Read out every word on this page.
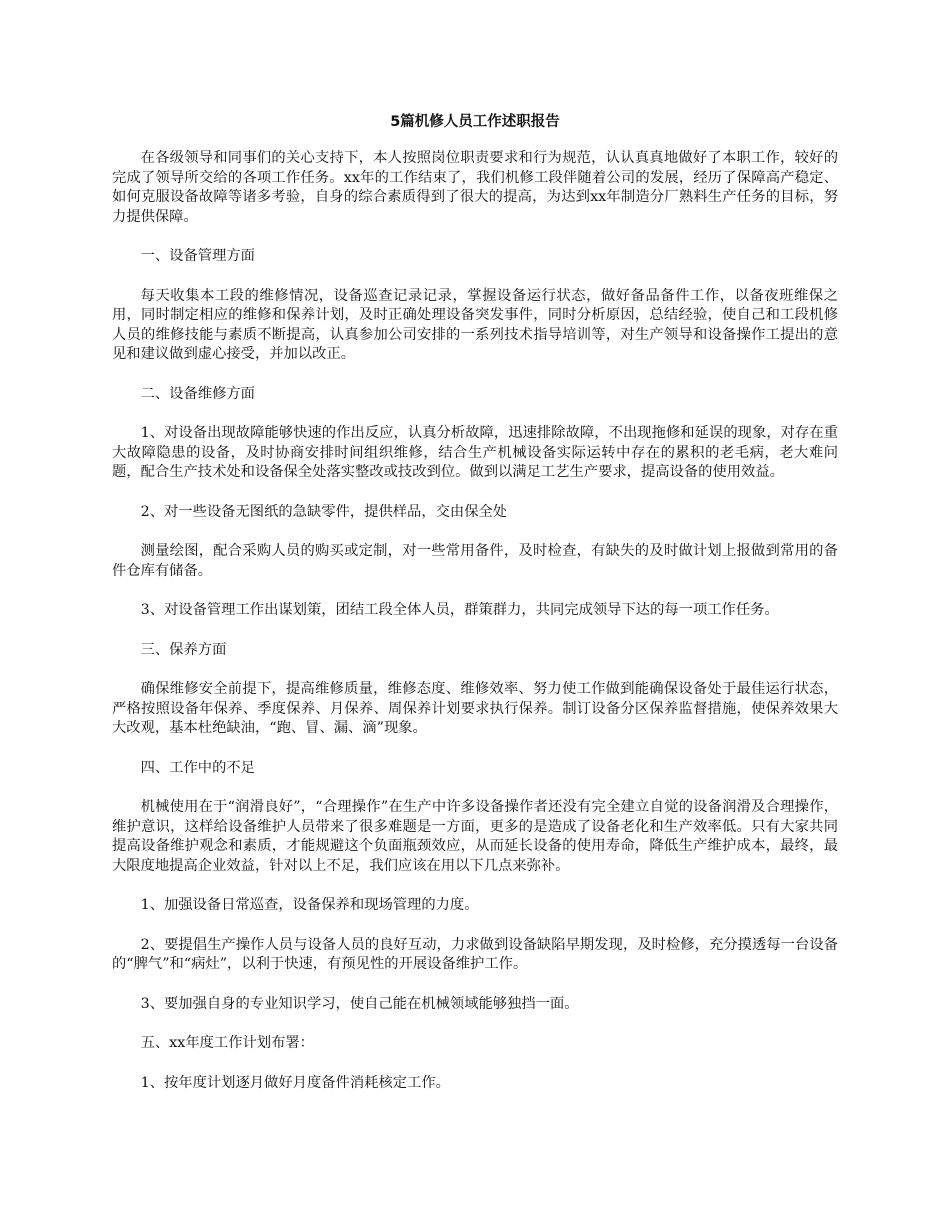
5篇机修人员工作述职报告

在各级领导和同事们的关心支持下，本人按照岗位职责要求和行为规范，认认真真地做好了本职工作，较好的完成了领导所交给的各项工作任务。xx年的工作结束了，我们机修工段伴随着公司的发展，经历了保障高产稳定、如何克服设备故障等诸多考验，自身的综合素质得到了很大的提高，为达到xx年制造分厂熟料生产任务的目标，努力提供保障。

一、设备管理方面

每天收集本工段的维修情况，设备巡查记录记录，掌握设备运行状态，做好备品备件工作，以备夜班维保之用，同时制定相应的维修和保养计划，及时正确处理设备突发事件，同时分析原因，总结经验，使自己和工段机修人员的维修技能与素质不断提高，认真参加公司安排的一系列技术指导培训等，对生产领导和设备操作工提出的意见和建议做到虚心接受，并加以改正。

二、设备维修方面

1、对设备出现故障能够快速的作出反应，认真分析故障，迅速排除故障，不出现拖修和延误的现象，对存在重大故障隐患的设备，及时协商安排时间组织维修，结合生产机械设备实际运转中存在的累积的老毛病，老大难问题，配合生产技术处和设备保全处落实整改或技改到位。做到以满足工艺生产要求，提高设备的使用效益。

2、对一些设备无图纸的急缺零件，提供样品，交由保全处

测量绘图，配合采购人员的购买或定制，对一些常用备件，及时检查，有缺失的及时做计划上报做到常用的备件仓库有储备。

3、对设备管理工作出谋划策，团结工段全体人员，群策群力，共同完成领导下达的每一项工作任务。

三、保养方面

确保维修安全前提下，提高维修质量，维修态度、维修效率、努力使工作做到能确保设备处于最佳运行状态，严格按照设备年保养、季度保养、月保养、周保养计划要求执行保养。制订设备分区保养监督措施，使保养效果大大改观，基本杜绝缺油，“跑、冒、漏、滴”现象。

四、工作中的不足

机械使用在于“润滑良好”，“合理操作”在生产中许多设备操作者还没有完全建立自觉的设备润滑及合理操作，维护意识，这样给设备维护人员带来了很多难题是一方面，更多的是造成了设备老化和生产效率低。只有大家共同提高设备维护观念和素质，才能规避这个负面瓶颈效应，从而延长设备的使用寿命，降低生产维护成本，最终，最大限度地提高企业效益，针对以上不足，我们应该在用以下几点来弥补。

1、加强设备日常巡查，设备保养和现场管理的力度。

2、要提倡生产操作人员与设备人员的良好互动，力求做到设备缺陷早期发现，及时检修，充分摸透每一台设备的“脾气”和“病灶”，以利于快速，有预见性的开展设备维护工作。

3、要加强自身的专业知识学习，使自己能在机械领域能够独挡一面。

五、xx年度工作计划布署：

1、按年度计划逐月做好月度备件消耗核定工作。
